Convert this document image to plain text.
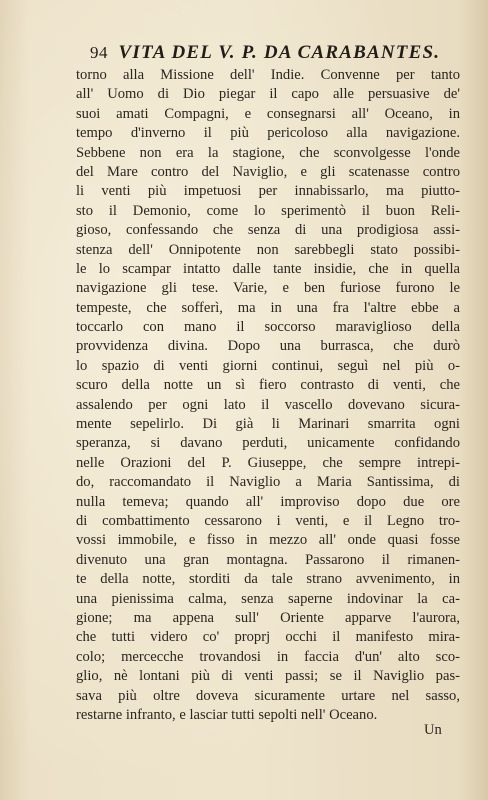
94 VITA DEL V. P. DA CARABANTES.
torno alla Missione dell' Indie. Convenne per tanto
all' Uomo di Dio piegar il capo alle persuasive de'
suoi amati Compagni, e consegnarsi all' Oceano, in
tempo d'inverno il più pericoloso alla navigazione.
Sebbene non era la stagione, che sconvolgesse l'onde
del Mare contro del Naviglio, e gli scatenasse contro
li venti più impetuosi per innabissarlo, ma piutto-
sto il Demonio, come lo sperimentò il buon Reli-
gioso, confessando che senza di una prodigiosa assi-
stenza dell' Onnipotente non sarebbegli stato possibi-
le lo scampar intatto dalle tante insidie, che in quella
navigazione gli tese. Varie, e ben furiose furono le
tempeste, che sofferì, ma in una fra l'altre ebbe a
toccarlo con mano il soccorso maraviglioso della
provvidenza divina. Dopo una burrasca, che durò
lo spazio di venti giorni continui, seguì nel più o-
scuro della notte un sì fiero contrasto di venti, che
assalendo per ogni lato il vascello dovevano sicura-
mente sepelirlo. Di già li Marinari smarrita ogni
speranza, si davano perduti, unicamente confidando
nelle Orazioni del P. Giuseppe, che sempre intrepi-
do, raccomandato il Naviglio a Maria Santissima, di
nulla temeva; quando all' improviso dopo due ore
di combattimento cessarono i venti, e il Legno tro-
vossi immobile, e fisso in mezzo all' onde quasi fosse
divenuto una gran montagna. Passarono il rimanen-
te della notte, storditi da tale strano avvenimento, in
una pienissima calma, senza saperne indovinar la ca-
gione; ma appena sull' Oriente apparve l'aurora,
che tutti videro co' proprj occhi il manifesto mira-
colo; mercecche trovandosi in faccia d'un' alto sco-
glio, nè lontani più di venti passi; se il Naviglio pas-
sava più oltre doveva sicuramente urtare nel sasso,
restarne infranto, e lasciar tutti sepolti nell' Oceano.
Un
